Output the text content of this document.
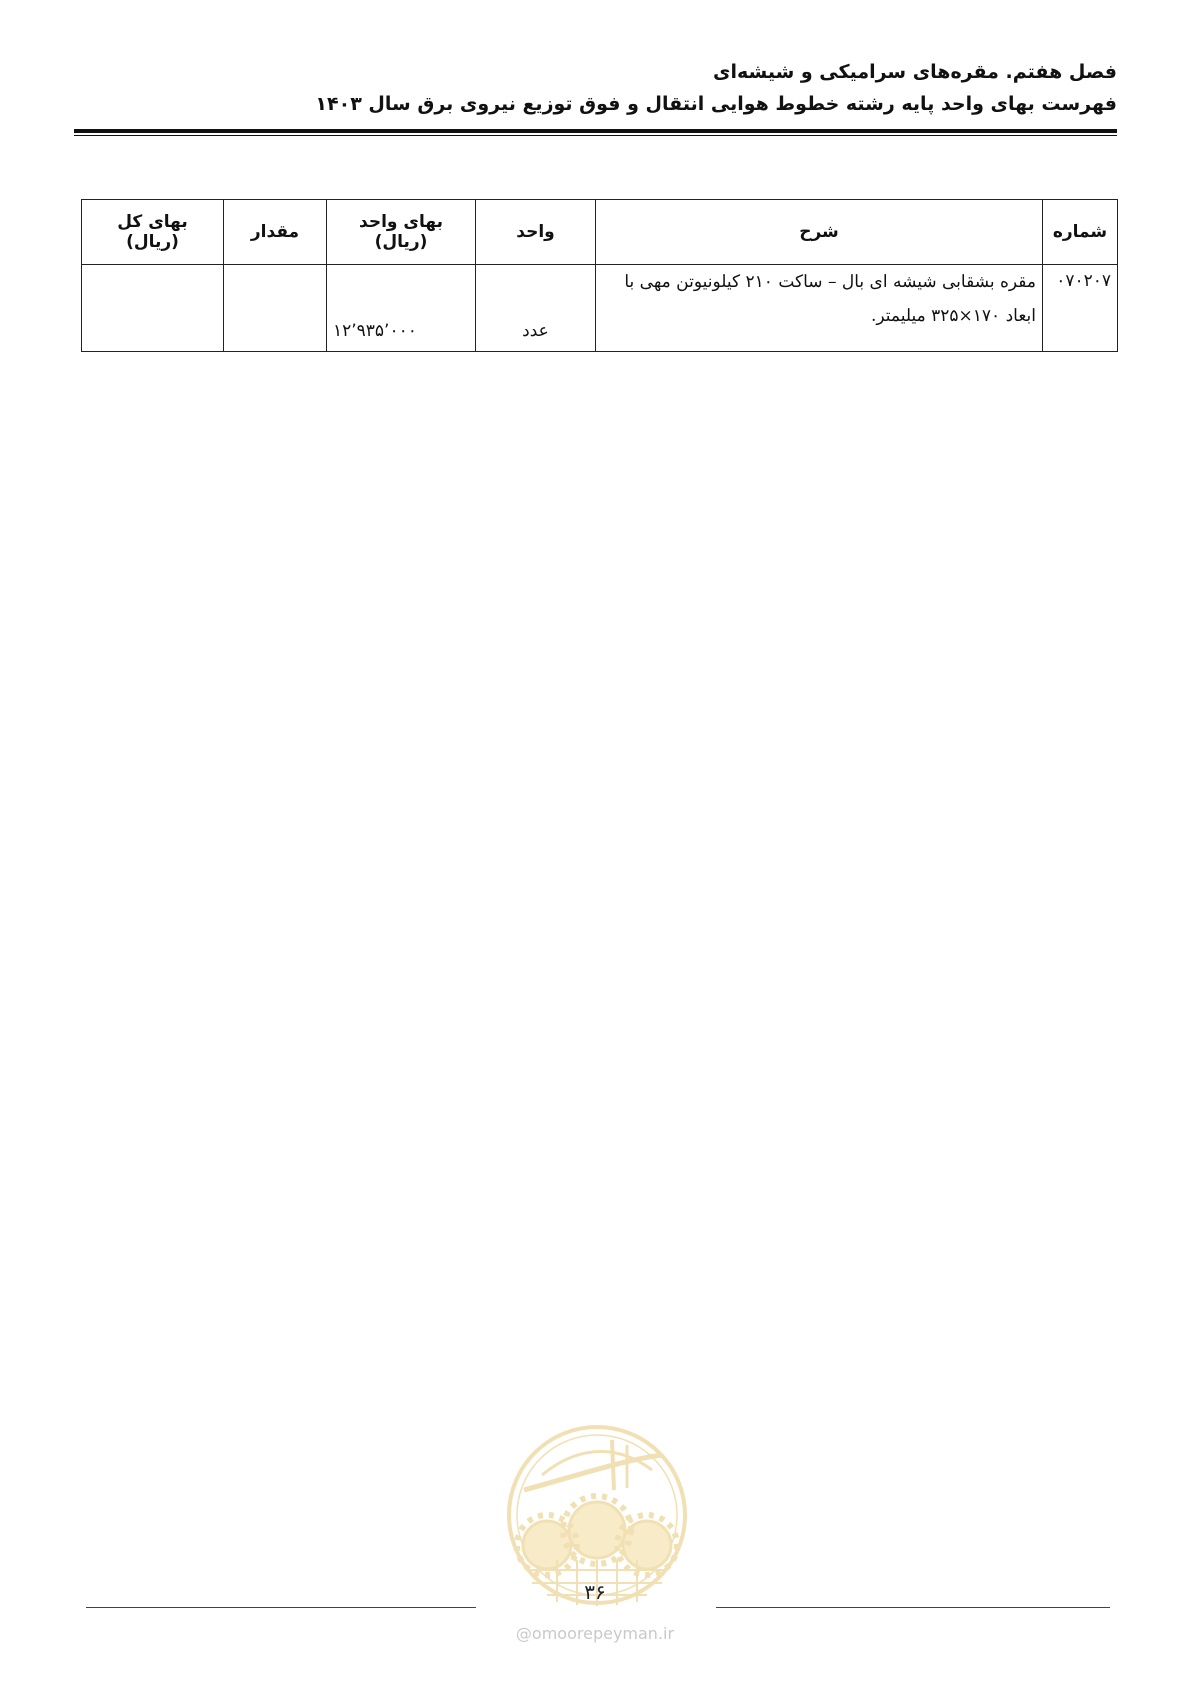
فصل هفتم. مقره‌های سرامیکی و شیشه‌ای
فهرست بهای واحد پایه رشته خطوط هوایی انتقال و فوق توزیع نیروی برق سال ۱۴۰۳
شماره	شرح	واحد	بهای واحد (ریال)	مقدار	بهای کل (ریال)
۰۷۰۲۰۷	مقره بشقابی شیشه ای بال – ساکت ۲۱۰ کیلونیوتن مهی با
ابعاد ۱۷۰×۳۲۵ میلیمتر.	عدد	۱۲٬۹۳۵٬۰۰۰		
۳۶
@omoorepeyman.ir
